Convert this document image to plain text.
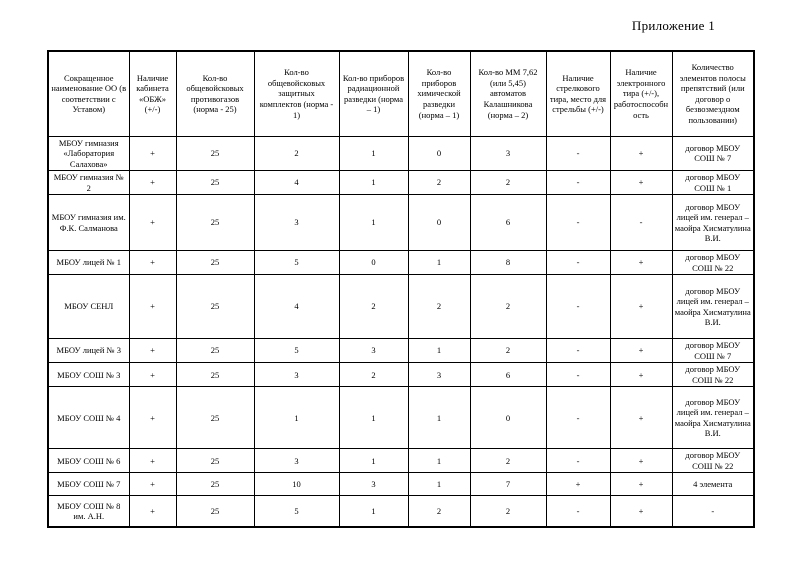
Приложение 1
Сокращенное наименование ОО (в соответствии с Уставом)	Наличие кабинета «ОБЖ» (+/-)	Кол-во общевойсковых противогазов (норма - 25)	Кол-во общевойсковых защитных комплектов (норма - 1)	Кол-во приборов радиационной разведки (норма – 1)	Кол-во приборов химической разведки (норма – 1)	Кол-во ММ 7,62 (или 5,45) автоматов Калашникова (норма – 2)	Наличие стрелкового тира, место для стрельбы (+/-)	Наличие электронного тира (+/-), работоспособность	Количество элементов полосы препятствий (или договор о безвозмездном пользовании)
МБОУ гимназия «Лаборатория Салахова»	+	25	2	1	0	3	-	+	договор МБОУ СОШ № 7
МБОУ гимназия № 2	+	25	4	1	2	2	-	+	договор МБОУ СОШ № 1
МБОУ гимназия им. Ф.К. Салманова	+	25	3	1	0	6	-	-	договор МБОУ лицей им. генерал – маойра Хисматулина В.И.
МБОУ лицей № 1	+	25	5	0	1	8	-	+	договор МБОУ СОШ № 22
МБОУ СЕНЛ	+	25	4	2	2	2	-	+	договор МБОУ лицей им. генерал – маойра Хисматулина В.И.
МБОУ лицей № 3	+	25	5	3	1	2	-	+	договор МБОУ СОШ № 7
МБОУ СОШ № 3	+	25	3	2	3	6	-	+	договор МБОУ СОШ № 22
МБОУ СОШ № 4	+	25	1	1	1	0	-	+	договор МБОУ лицей им. генерал – маойра Хисматулина В.И.
МБОУ СОШ № 6	+	25	3	1	1	2	-	+	договор МБОУ СОШ № 22
МБОУ СОШ № 7	+	25	10	3	1	7	+	+	4 элемента
МБОУ СОШ № 8 им. А.Н.	+	25	5	1	2	2	-	+	-
